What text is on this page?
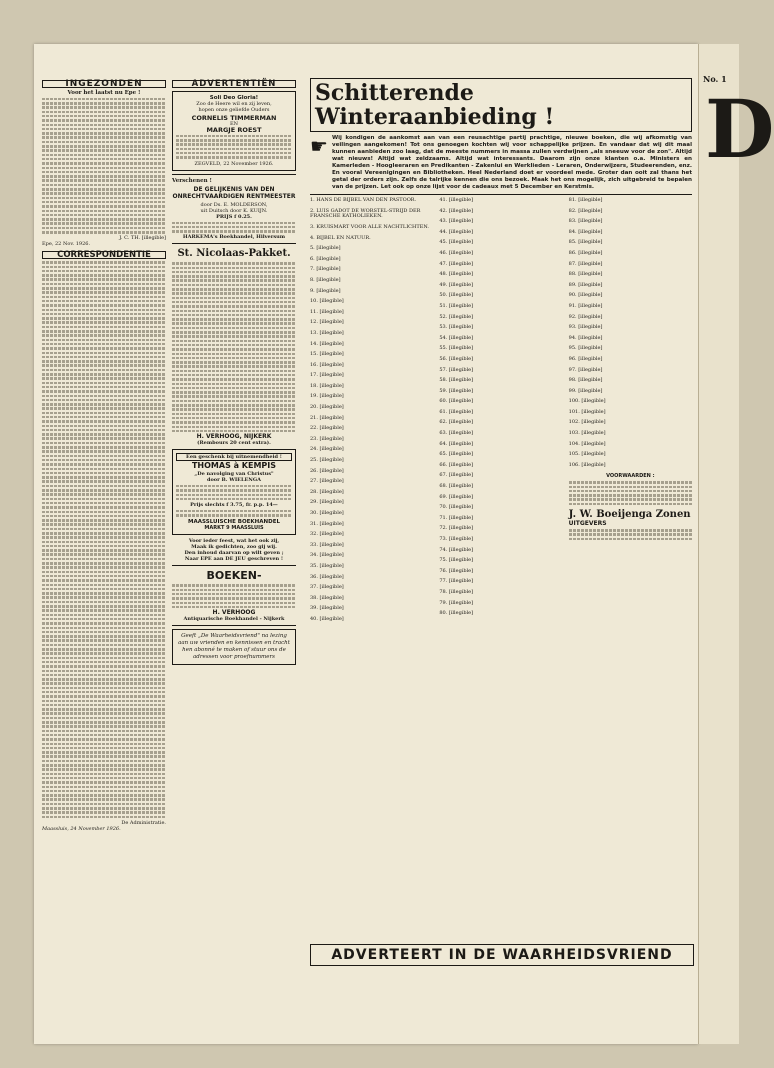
INGEZONDEN
Voor het laatst nu Epe !
J. C. TH. [illegible]
Epe, 22 Nov. 1926.
CORRESPONDENTIE
De Administratie.
Maassluis, 24 November 1926.
ADVERTENTIËN
Soli Deo Gloria!
Zoo de Heere wil en zij leven,
hopen onze geliefde Ouders
CORNELIS TIMMERMAN
EN
MARGJE ROEST
ZEGVELD, 22 November 1926.
Verschenen !
DE GELIJKENIS VAN DEN ONRECHTVAARDIGEN RENTMEESTER
door Ds. E. MOLDERSON,
uit Duitsch door K. KUIJN.
PRIJS f 0.25.
HARKEMA's Boekhandel, Hilversum
St. Nicolaas-Pakket.
H. VERHOOG, NIJKERK
(Rembours 20 cent extra).
Een geschenk bij uitnemendheid !
THOMAS à KEMPIS
„De navolging van Christus"
door B. WIELENGA
Prijs slechts f 3.75, fr. p.p. 14—
MAASSLUISCHE BOEKHANDEL
MARKT 9 MAASSLUIS
Voor ieder feest, wat het ook zij,
Maak ik gedichten, zoo gij wij.
Den inhoud daarvan op wilt geven ;
Naar EPE aan DE JEU geschreven !
BOEKEN-
H. VERHOOG
Antiquarische Boekhandel - Nijkerk
Geeft „De Waarheidsvriend" na lezing aan uw vrienden en kennissen en tracht hen abonné te maken of stuur ons de adressen voor proefnummers
Schitterende Winteraanbieding !
☛ Wij kondigen de aankomst aan van een reusachtige partij prachtige, nieuwe boeken, die wij afkomstig van veilingen aangekomen! Tot ons genoegen kochten wij voor schappelijke prijzen. En vandaar dat wij dit maal kunnen aanbieden zoo laag, dat de meeste nummers in massa zullen verdwijnen „als sneeuw voor de zon". Altijd wat nieuws! Altijd wat zeldzaams. Altijd wat interessants. Daarom zijn onze klanten o.a. Ministers en Kamerleden - Hoogleeraren en Predikanten - Zakenlui en Werklieden - Leraren, Onderwijzers, Studeerenden, enz. En vooral Vereenigingen en Bibliotheken. Heel Nederland doet er voordeel mede. Groter dan ooit zal thans het getal der orders zijn. Zelfs de talrijke kennen die ons bezoek. Maak het ons mogelijk, zich uitgebreid te bepalen van de prijzen. Let ook op onze lijst voor de cadeaux met 5 December en Kerstmis.
1. HANS DE BIJBEL VAN DEN PASTOOR.
2. LUIS GADOT DE WORSTEL-STRIJD DER FRANSCHE KATHOLIEKEN.
3. KRUISMART VOOR ALLE NACHTLICHTEN.
4. BIJBEL EN NATUUR.
5. [illegible]
6. [illegible]
7. [illegible]
8. [illegible]
9. [illegible]
10. [illegible]
11. [illegible]
12. [illegible]
13. [illegible]
14. [illegible]
15. [illegible]
16. [illegible]
17. [illegible]
18. [illegible]
19. [illegible]
20. [illegible]
21. [illegible]
22. [illegible]
23. [illegible]
24. [illegible]
25. [illegible]
26. [illegible]
27. [illegible]
28. [illegible]
29. [illegible]
30. [illegible]
31. [illegible]
32. [illegible]
33. [illegible]
34. [illegible]
35. [illegible]
36. [illegible]
37. [illegible]
38. [illegible]
39. [illegible]
40. [illegible]
41. [illegible]
42. [illegible]
43. [illegible]
44. [illegible]
45. [illegible]
46. [illegible]
47. [illegible]
48. [illegible]
49. [illegible]
50. [illegible]
51. [illegible]
52. [illegible]
53. [illegible]
54. [illegible]
55. [illegible]
56. [illegible]
57. [illegible]
58. [illegible]
59. [illegible]
60. [illegible]
61. [illegible]
62. [illegible]
63. [illegible]
64. [illegible]
65. [illegible]
66. [illegible]
67. [illegible]
68. [illegible]
69. [illegible]
70. [illegible]
71. [illegible]
72. [illegible]
73. [illegible]
74. [illegible]
75. [illegible]
76. [illegible]
77. [illegible]
78. [illegible]
79. [illegible]
80. [illegible]
81. [illegible]
82. [illegible]
83. [illegible]
84. [illegible]
85. [illegible]
86. [illegible]
87. [illegible]
88. [illegible]
89. [illegible]
90. [illegible]
91. [illegible]
92. [illegible]
93. [illegible]
94. [illegible]
95. [illegible]
96. [illegible]
97. [illegible]
98. [illegible]
99. [illegible]
100. [illegible]
101. [illegible]
102. [illegible]
103. [illegible]
104. [illegible]
105. [illegible]
106. [illegible]
VOORWAARDEN :
J. W. Boeijenga Zonen
UITGEVERS
ADVERTEERT IN DE WAARHEIDSVRIEND
No. 1
D
